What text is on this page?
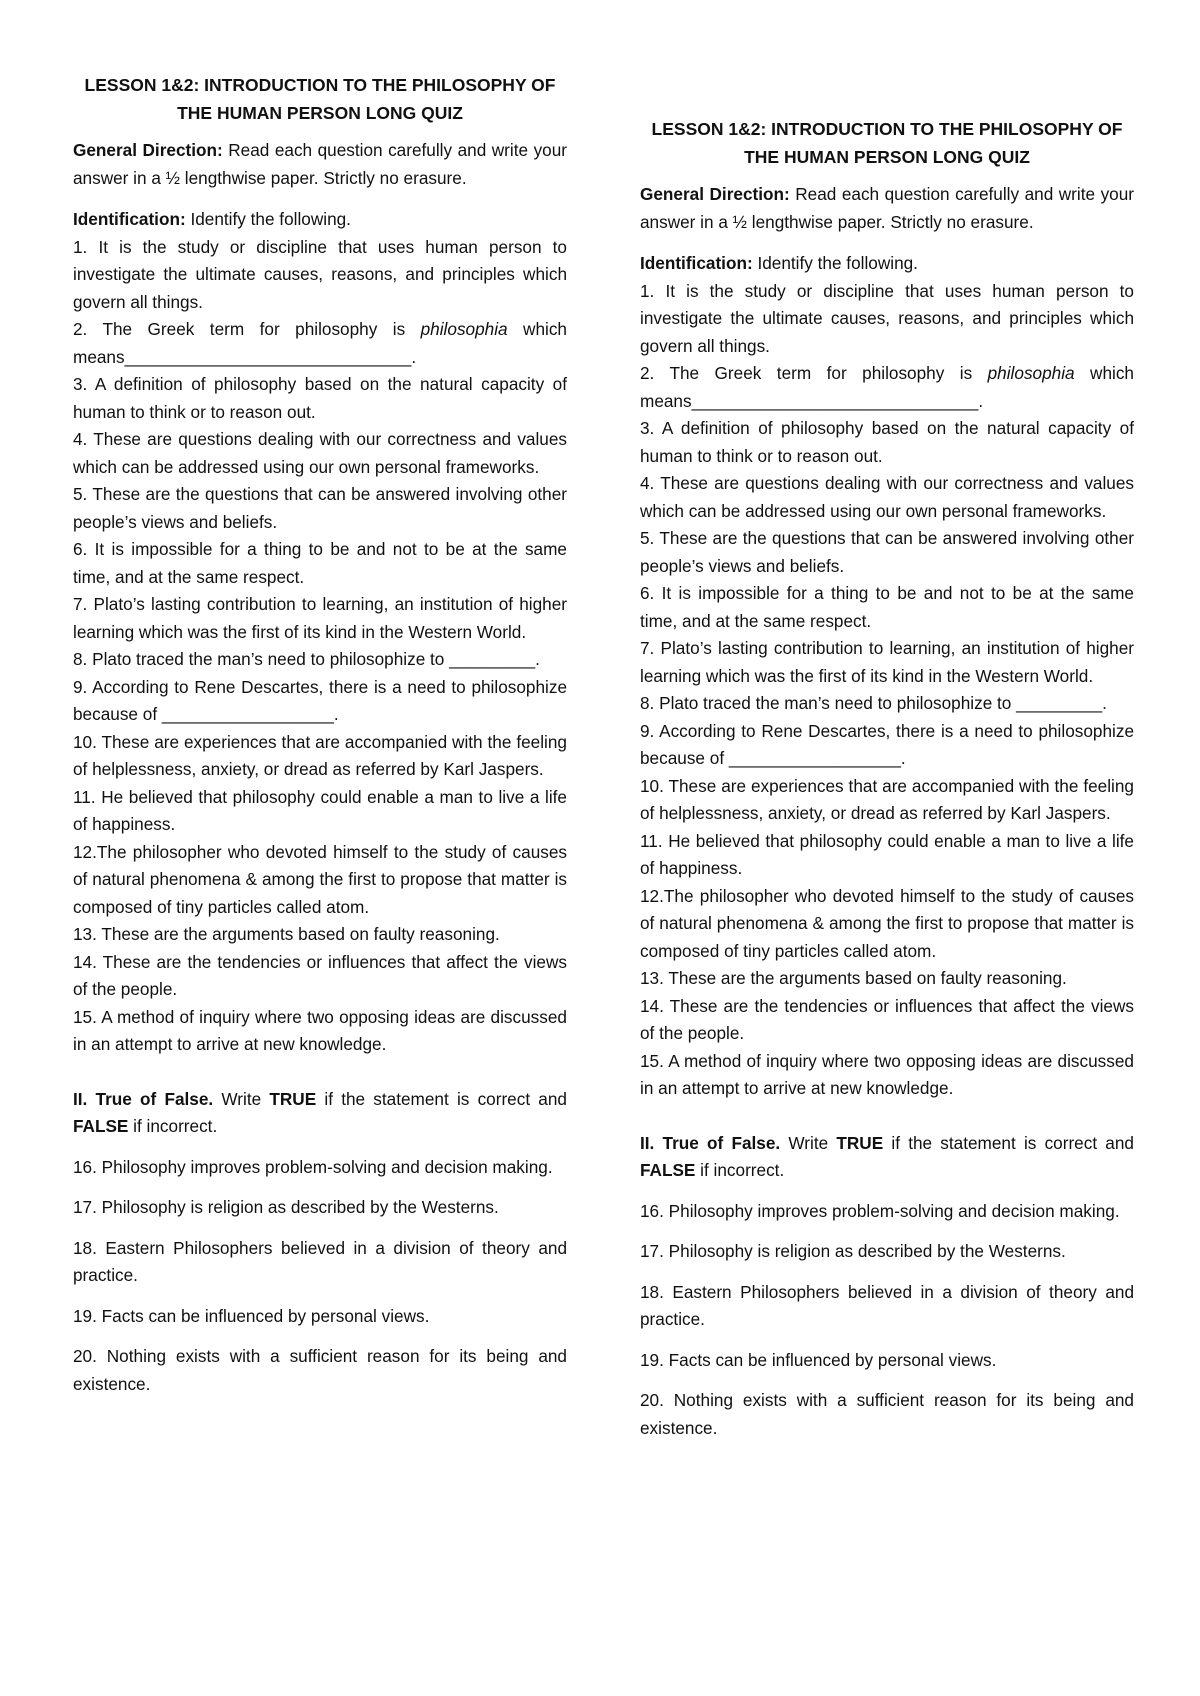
LESSON 1&2: INTRODUCTION TO THE PHILOSOPHY OF
THE HUMAN PERSON LONG QUIZ

General Direction: Read each question carefully and write your answer in a ½ lengthwise paper. Strictly no erasure.

Identification: Identify the following.

1. It is the study or discipline that uses human person to investigate the ultimate causes, reasons, and principles which govern all things.

2. The Greek term for philosophy is philosophia which means______________________________.

3. A definition of philosophy based on the natural capacity of human to think or to reason out.

4. These are questions dealing with our correctness and values which can be addressed using our own personal frameworks.

5. These are the questions that can be answered involving other people’s views and beliefs.

6. It is impossible for a thing to be and not to be at the same time, and at the same respect.

7. Plato’s lasting contribution to learning, an institution of higher learning which was the first of its kind in the Western World.

8. Plato traced the man’s need to philosophize to _________.

9. According to Rene Descartes, there is a need to philosophize because of __________________.

10. These are experiences that are accompanied with the feeling of helplessness, anxiety, or dread as referred by Karl Jaspers.

11. He believed that philosophy could enable a man to live a life of happiness.

12.The philosopher who devoted himself to the study of causes of natural phenomena & among the first to propose that matter is composed of tiny particles called atom.

13. These are the arguments based on faulty reasoning.

14. These are the tendencies or influences that affect the views of the people.

15. A method of inquiry where two opposing ideas are discussed in an attempt to arrive at new knowledge.

II. True of False. Write TRUE if the statement is correct and FALSE if incorrect.

16. Philosophy improves problem-solving and decision making.

17. Philosophy is religion as described by the Westerns.

18. Eastern Philosophers believed in a division of theory and practice.

19. Facts can be influenced by personal views.

20. Nothing exists with a sufficient reason for its being and existence.

LESSON 1&2: INTRODUCTION TO THE PHILOSOPHY OF
THE HUMAN PERSON LONG QUIZ

General Direction: Read each question carefully and write your answer in a ½ lengthwise paper. Strictly no erasure.

Identification: Identify the following.

1. It is the study or discipline that uses human person to investigate the ultimate causes, reasons, and principles which govern all things.

2. The Greek term for philosophy is philosophia which means______________________________.

3. A definition of philosophy based on the natural capacity of human to think or to reason out.

4. These are questions dealing with our correctness and values which can be addressed using our own personal frameworks.

5. These are the questions that can be answered involving other people’s views and beliefs.

6. It is impossible for a thing to be and not to be at the same time, and at the same respect.

7. Plato’s lasting contribution to learning, an institution of higher learning which was the first of its kind in the Western World.

8. Plato traced the man’s need to philosophize to _________.

9. According to Rene Descartes, there is a need to philosophize because of __________________.

10. These are experiences that are accompanied with the feeling of helplessness, anxiety, or dread as referred by Karl Jaspers.

11. He believed that philosophy could enable a man to live a life of happiness.

12.The philosopher who devoted himself to the study of causes of natural phenomena & among the first to propose that matter is composed of tiny particles called atom.

13. These are the arguments based on faulty reasoning.

14. These are the tendencies or influences that affect the views of the people.

15. A method of inquiry where two opposing ideas are discussed in an attempt to arrive at new knowledge.

II. True of False. Write TRUE if the statement is correct and FALSE if incorrect.

16. Philosophy improves problem-solving and decision making.

17. Philosophy is religion as described by the Westerns.

18. Eastern Philosophers believed in a division of theory and practice.

19. Facts can be influenced by personal views.

20. Nothing exists with a sufficient reason for its being and existence.
